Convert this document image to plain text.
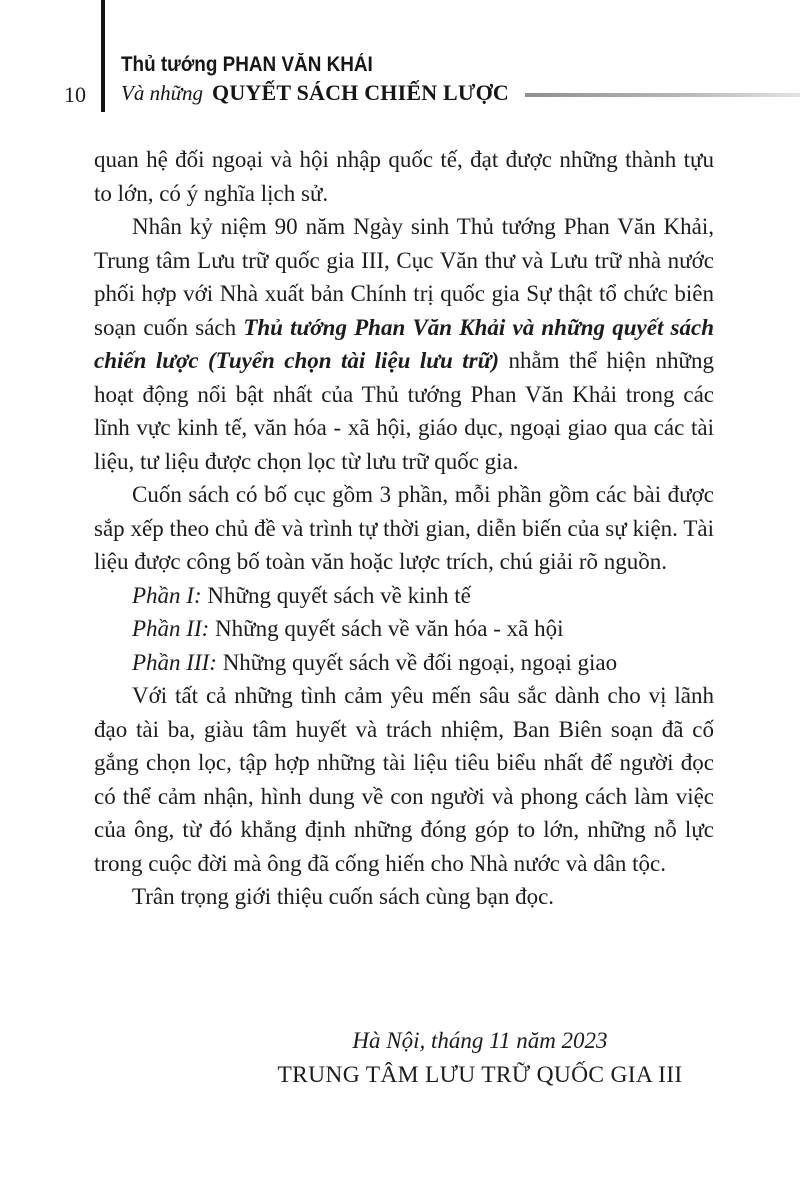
10
Thủ tướng PHAN VĂN KHẢI
Và những QUYẾT SÁCH CHIẾN LƯỢC

quan hệ đối ngoại và hội nhập quốc tế, đạt được những thành tựu to lớn, có ý nghĩa lịch sử.

Nhân kỷ niệm 90 năm Ngày sinh Thủ tướng Phan Văn Khải, Trung tâm Lưu trữ quốc gia III, Cục Văn thư và Lưu trữ nhà nước phối hợp với Nhà xuất bản Chính trị quốc gia Sự thật tổ chức biên soạn cuốn sách Thủ tướng Phan Văn Khải và những quyết sách chiến lược (Tuyển chọn tài liệu lưu trữ) nhằm thể hiện những hoạt động nổi bật nhất của Thủ tướng Phan Văn Khải trong các lĩnh vực kinh tế, văn hóa - xã hội, giáo dục, ngoại giao qua các tài liệu, tư liệu được chọn lọc từ lưu trữ quốc gia.

Cuốn sách có bố cục gồm 3 phần, mỗi phần gồm các bài được sắp xếp theo chủ đề và trình tự thời gian, diễn biến của sự kiện. Tài liệu được công bố toàn văn hoặc lược trích, chú giải rõ nguồn.

Phần I: Những quyết sách về kinh tế

Phần II: Những quyết sách về văn hóa - xã hội

Phần III: Những quyết sách về đối ngoại, ngoại giao

Với tất cả những tình cảm yêu mến sâu sắc dành cho vị lãnh đạo tài ba, giàu tâm huyết và trách nhiệm, Ban Biên soạn đã cố gắng chọn lọc, tập hợp những tài liệu tiêu biểu nhất để người đọc có thể cảm nhận, hình dung về con người và phong cách làm việc của ông, từ đó khẳng định những đóng góp to lớn, những nỗ lực trong cuộc đời mà ông đã cống hiến cho Nhà nước và dân tộc.

Trân trọng giới thiệu cuốn sách cùng bạn đọc.

Hà Nội, tháng 11 năm 2023
TRUNG TÂM LƯU TRỮ QUỐC GIA III
